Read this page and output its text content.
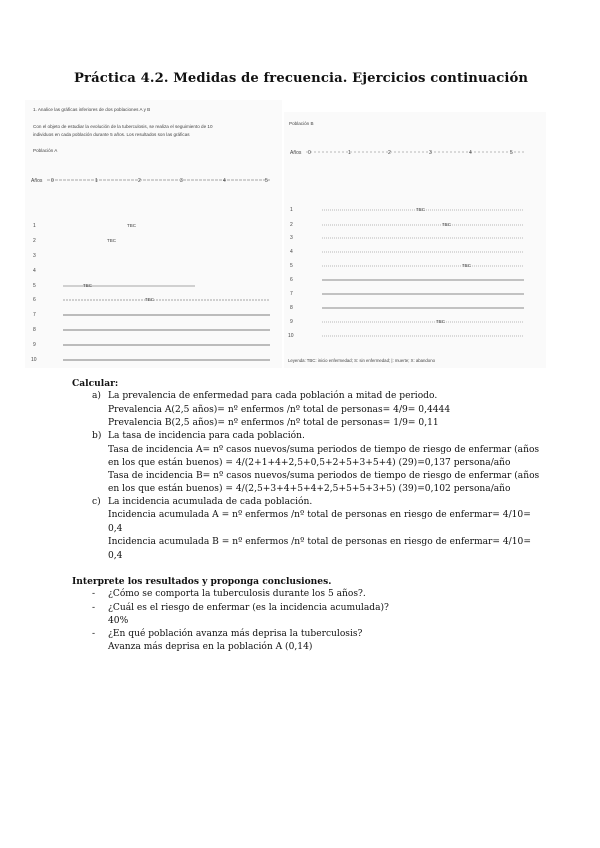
Práctica 4.2. Medidas de frecuencia. Ejercicios continuación
1. Analice las gráficas inferiores de dos poblaciones A y B
Con el objeto de estudiar la evolución de la tuberculosis, se realiza el seguimiento de 10
individuos en cada población durante 5 años. Los resultados son las gráficas
Población A
Población B
Años 0	1	2	3	4	5
1	TBC
2	TBC
3
4
5	TBC
6	TBC
7
8
9
10
Años 0	1	2	3	4	5
1	TBC
2	TBC
3
4
5	TBC
6
7
8
9	TBC
10
Leyenda: TBC: inicio enfermedad; S: sin enfermedad; |: muerte; X: abandono
Calcular:
a) La prevalencia de enfermedad para cada población a mitad de periodo.
Prevalencia A(2,5 años)= nº enfermos /nº total de personas= 4/9= 0,4444
Prevalencia B(2,5 años)= nº enfermos /nº total de personas= 1/9= 0,11
b) La tasa de incidencia para cada población.
Tasa de incidencia A= nº casos nuevos/suma periodos de tiempo de riesgo de enfermar (años
en los que están buenos) = 4/(2+1+4+2,5+0,5+2+5+3+5+4) (29)=0,137 persona/año
Tasa de incidencia B= nº casos nuevos/suma periodos de tiempo de riesgo de enfermar (años
en los que están buenos) = 4/(2,5+3+4+5+4+2,5+5+5+3+5) (39)=0,102 persona/año
c) La incidencia acumulada de cada población.
Incidencia acumulada A = nº enfermos /nº total de personas en riesgo de enfermar= 4/10=
0,4
Incidencia acumulada B = nº enfermos /nº total de personas en riesgo de enfermar= 4/10=
0,4
Interprete los resultados y proponga conclusiones.
- ¿Cómo se comporta la tuberculosis durante los 5 años?.
- ¿Cuál es el riesgo de enfermar (es la incidencia acumulada)?
40%
- ¿En qué población avanza más deprisa la tuberculosis?
Avanza más deprisa en la población A (0,14)
